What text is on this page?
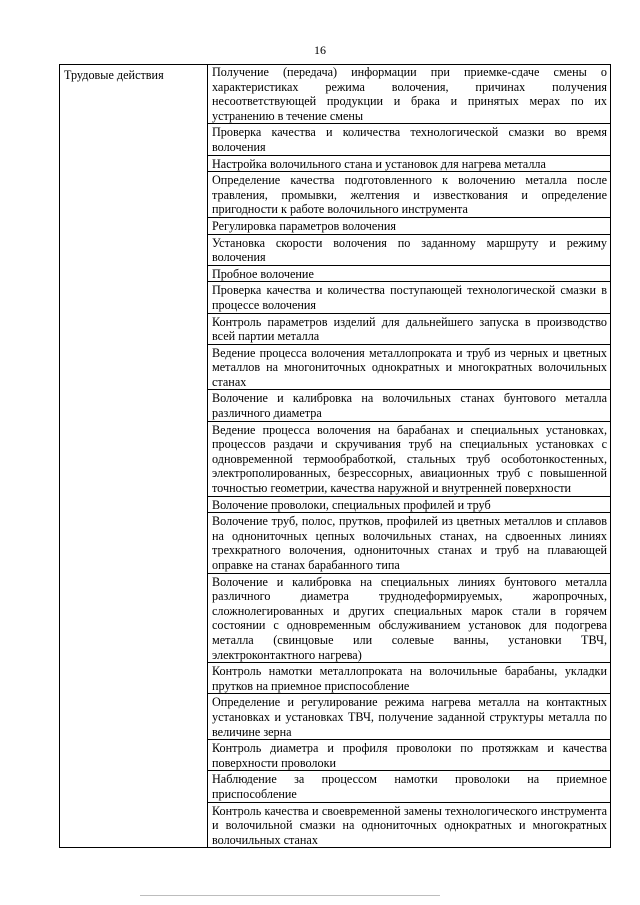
16
Трудовые действия	Получение (передача) информации при приемке-сдаче смены о характеристиках режима волочения, причинах получения несоответствующей продукции и брака и принятых мерах по их устранению в течение смены
Проверка качества и количества технологической смазки во время волочения
Настройка волочильного стана и установок для нагрева металла
Определение качества подготовленного к волочению металла после травления, промывки, желтения и известкования и определение пригодности к работе волочильного инструмента
Регулировка параметров волочения
Установка скорости волочения по заданному маршруту и режиму волочения
Пробное волочение
Проверка качества и количества поступающей технологической смазки в процессе волочения
Контроль параметров изделий для дальнейшего запуска в производство всей партии металла
Ведение процесса волочения металлопроката и труб из черных и цветных металлов на многониточных однократных и многократных волочильных станах
Волочение и калибровка на волочильных станах бунтового металла различного диаметра
Ведение процесса волочения на барабанах и специальных установках, процессов раздачи и скручивания труб на специальных установках с одновременной термообработкой, стальных труб особотонкостенных, электрополированных, безрессорных, авиационных труб с повышенной точностью геометрии, качества наружной и внутренней поверхности
Волочение проволоки, специальных профилей и труб
Волочение труб, полос, прутков, профилей из цветных металлов и сплавов на однониточных цепных волочильных станах, на сдвоенных линиях трехкратного волочения, однониточных станах и труб на плавающей оправке на станах барабанного типа
Волочение и калибровка на специальных линиях бунтового металла различного диаметра труднодеформируемых, жаропрочных, сложнолегированных и других специальных марок стали в горячем состоянии с одновременным обслуживанием установок для подогрева металла (свинцовые или солевые ванны, установки ТВЧ, электроконтактного нагрева)
Контроль намотки металлопроката на волочильные барабаны, укладки прутков на приемное приспособление
Определение и регулирование режима нагрева металла на контактных установках и установках ТВЧ, получение заданной структуры металла по величине зерна
Контроль диаметра и профиля проволоки по протяжкам и качества поверхности проволоки
Наблюдение за процессом намотки проволоки на приемное приспособление
Контроль качества и своевременной замены технологического инструмента и волочильной смазки на однониточных однократных и многократных волочильных станах
